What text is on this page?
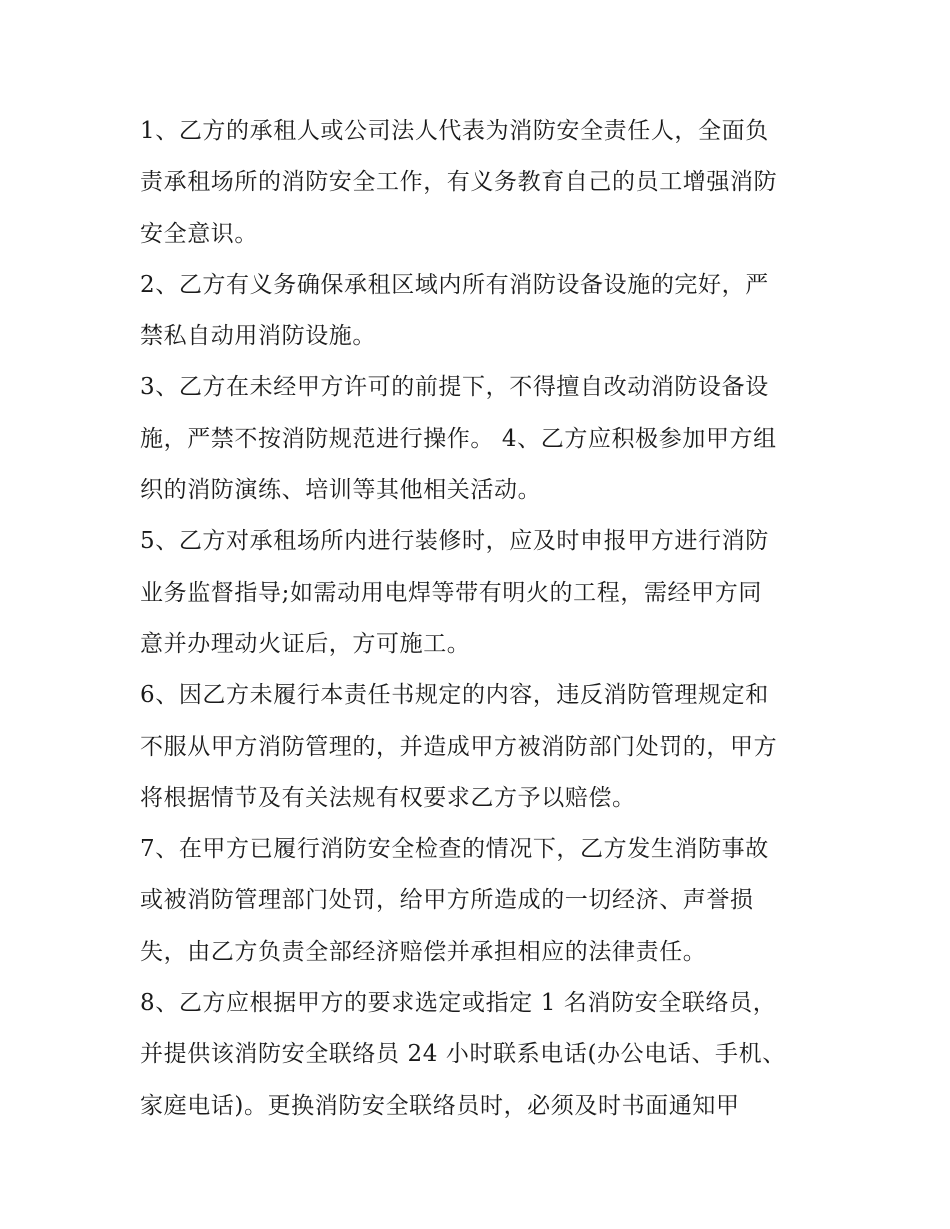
1、乙方的承租人或公司法人代表为消防安全责任人，全面负
责承租场所的消防安全工作，有义务教育自己的员工增强消防
安全意识。
2、乙方有义务确保承租区域内所有消防设备设施的完好，严
禁私自动用消防设施。
3、乙方在未经甲方许可的前提下，不得擅自改动消防设备设
施，严禁不按消防规范进行操作。 4、乙方应积极参加甲方组
织的消防演练、培训等其他相关活动。
5、乙方对承租场所内进行装修时，应及时申报甲方进行消防
业务监督指导;如需动用电焊等带有明火的工程，需经甲方同
意并办理动火证后，方可施工。
6、因乙方未履行本责任书规定的内容，违反消防管理规定和
不服从甲方消防管理的，并造成甲方被消防部门处罚的，甲方
将根据情节及有关法规有权要求乙方予以赔偿。
7、在甲方已履行消防安全检查的情况下，乙方发生消防事故
或被消防管理部门处罚，给甲方所造成的一切经济、声誉损
失，由乙方负责全部经济赔偿并承担相应的法律责任。
8、乙方应根据甲方的要求选定或指定 1 名消防安全联络员，
并提供该消防安全联络员 24 小时联系电话(办公电话、手机、
家庭电话)。更换消防安全联络员时，必须及时书面通知甲
